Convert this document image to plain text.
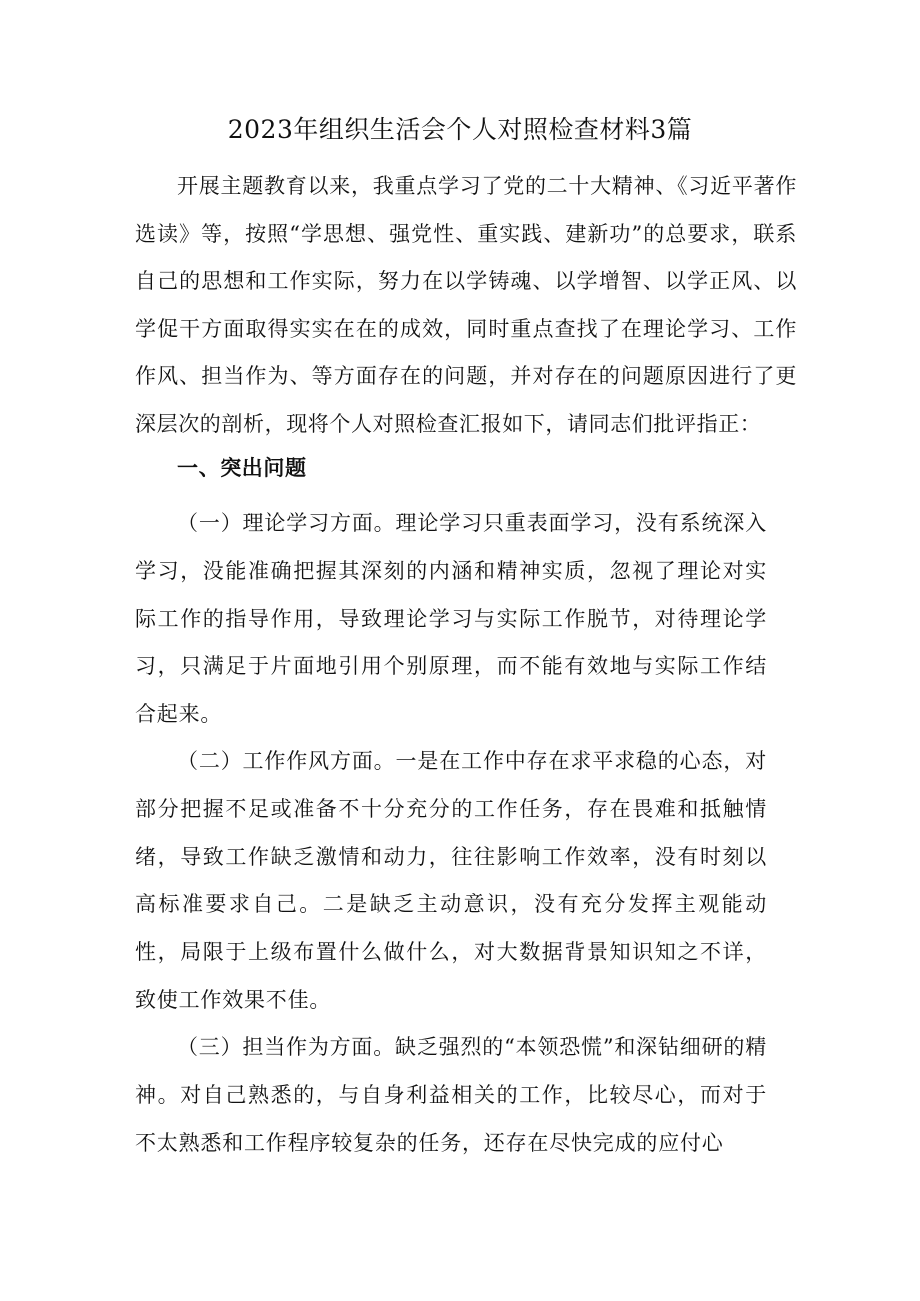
2023年组织生活会个人对照检查材料3篇

开展主题教育以来，我重点学习了党的二十大精神、《习近平著作选读》等，按照“学思想、强党性、重实践、建新功”的总要求，联系自己的思想和工作实际，努力在以学铸魂、以学增智、以学正风、以学促干方面取得实实在在的成效，同时重点查找了在理论学习、工作作风、担当作为、等方面存在的问题，并对存在的问题原因进行了更深层次的剖析，现将个人对照检查汇报如下，请同志们批评指正：

一、突出问题

（一）理论学习方面。理论学习只重表面学习，没有系统深入学习，没能准确把握其深刻的内涵和精神实质，忽视了理论对实际工作的指导作用，导致理论学习与实际工作脱节，对待理论学习，只满足于片面地引用个别原理，而不能有效地与实际工作结合起来。

（二）工作作风方面。一是在工作中存在求平求稳的心态，对部分把握不足或准备不十分充分的工作任务，存在畏难和抵触情绪，导致工作缺乏激情和动力，往往影响工作效率，没有时刻以高标准要求自己。二是缺乏主动意识，没有充分发挥主观能动性，局限于上级布置什么做什么，对大数据背景知识知之不详，致使工作效果不佳。

（三）担当作为方面。缺乏强烈的“本领恐慌”和深钻细研的精神。对自己熟悉的，与自身利益相关的工作，比较尽心，而对于不太熟悉和工作程序较复杂的任务，还存在尽快完成的应付心
